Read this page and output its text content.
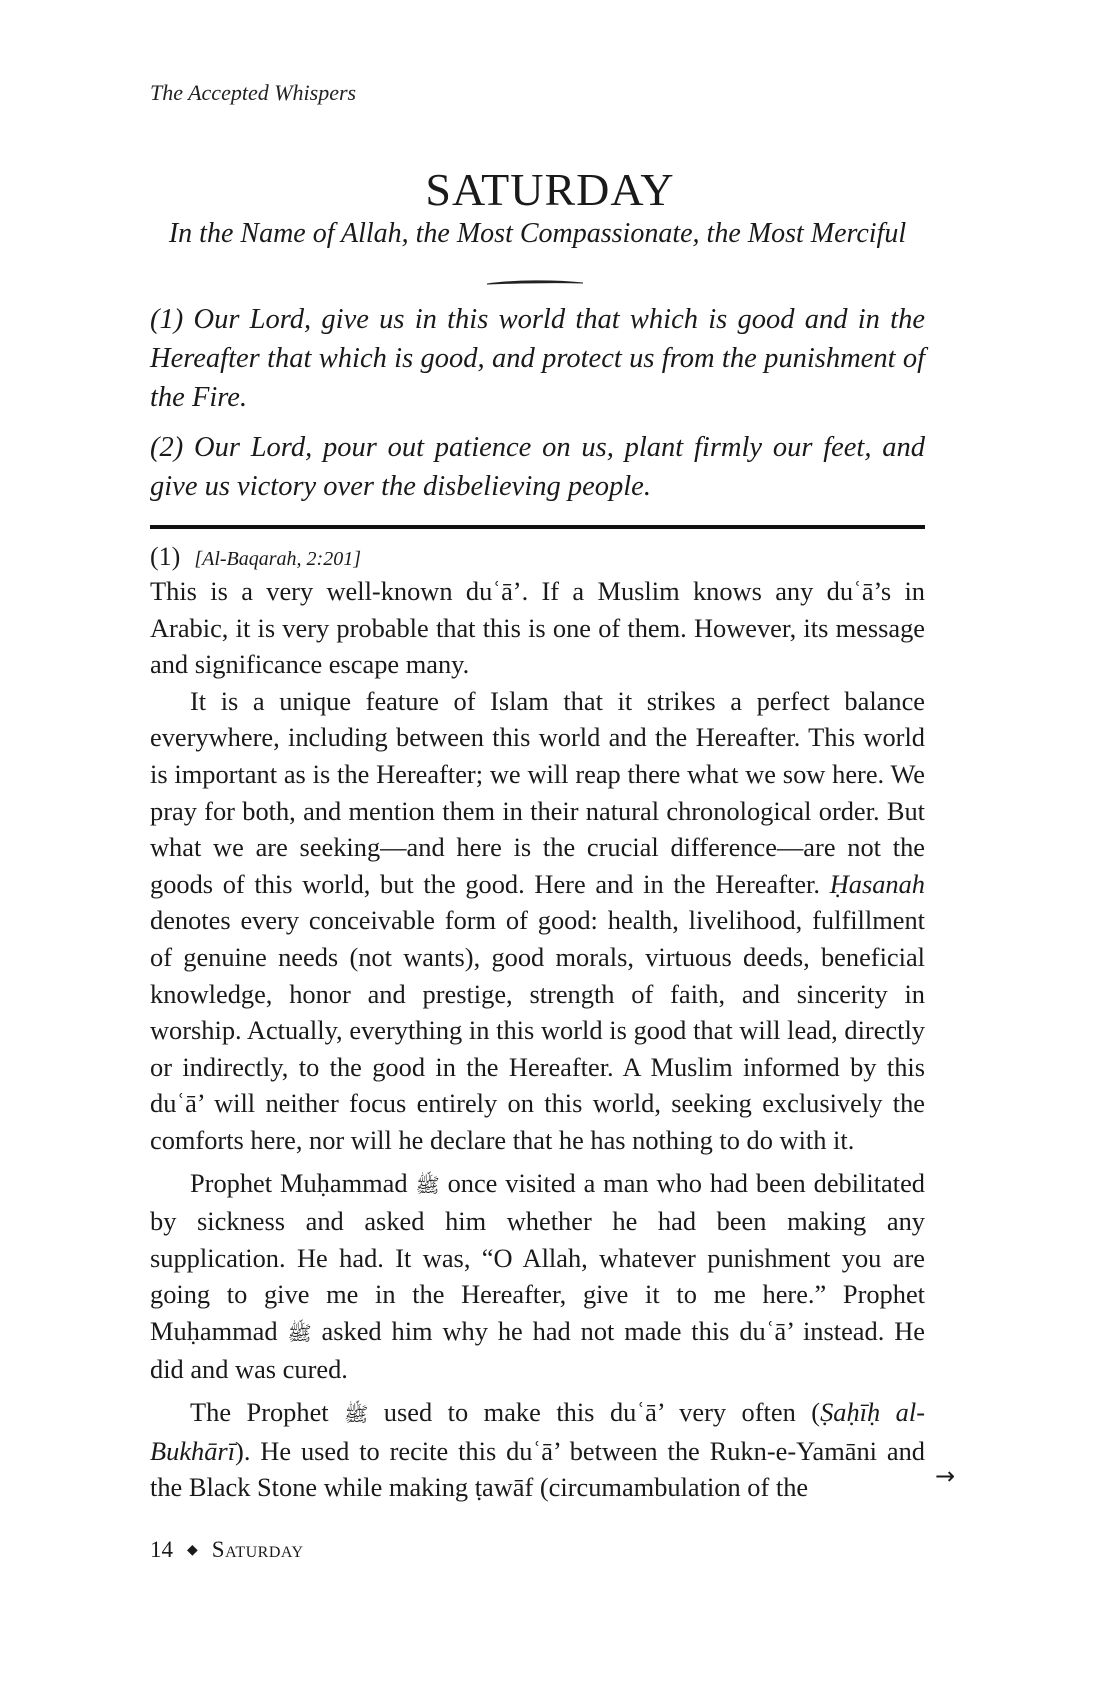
The Accepted Whispers
SATURDAY
In the Name of Allah, the Most Compassionate, the Most Merciful

(1) Our Lord, give us in this world that which is good and in the Hereafter that which is good, and protect us from the punishment of the Fire.

(2) Our Lord, pour out patience on us, plant firmly our feet, and give us victory over the disbelieving people.

(1) [Al-Baqarah, 2:201]

This is a very well-known duʿā’. If a Muslim knows any duʿā’s in Arabic, it is very probable that this is one of them. However, its message and significance escape many.

It is a unique feature of Islam that it strikes a perfect balance everywhere, including between this world and the Hereafter. This world is important as is the Hereafter; we will reap there what we sow here. We pray for both, and mention them in their natural chronological order. But what we are seeking—and here is the crucial difference—are not the goods of this world, but the good. Here and in the Hereafter. Ḥasanah denotes every conceivable form of good: health, livelihood, fulfillment of genuine needs (not wants), good morals, virtuous deeds, beneficial knowledge, honor and prestige, strength of faith, and sincerity in worship. Actually, everything in this world is good that will lead, directly or indirectly, to the good in the Hereafter. A Muslim informed by this duʿā’ will neither focus entirely on this world, seeking exclusively the comforts here, nor will he declare that he has nothing to do with it.

Prophet Muḥammad ﷺ once visited a man who had been debilitated by sickness and asked him whether he had been making any supplication. He had. It was, “O Allah, whatever punishment you are going to give me in the Hereafter, give it to me here.” Prophet Muḥammad ﷺ asked him why he had not made this duʿā’ instead. He did and was cured.

The Prophet ﷺ used to make this duʿā’ very often (Ṣaḥīḥ al-Bukhārī). He used to recite this duʿā’ between the Rukn-e-Yamāni and the Black Stone while making ṭawāf (circumambulation of the	→
14 ◆ Saturday
